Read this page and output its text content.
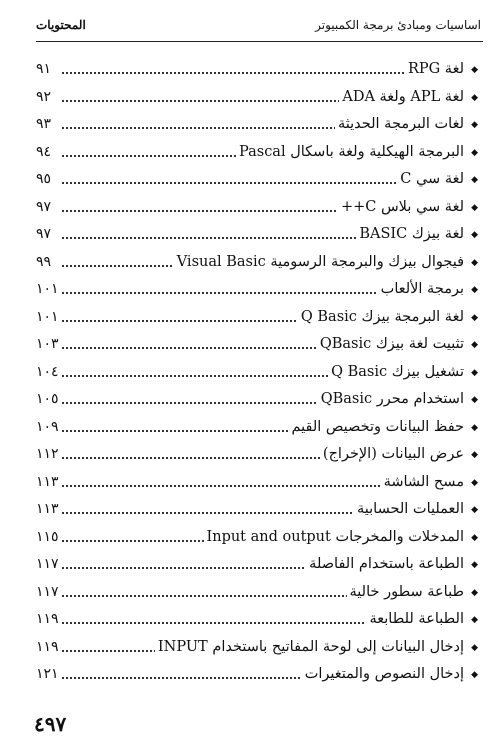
اساسيات ومبادئ برمجة الكمبيوتر
المحتويات
◆
لغة RPG
٩١
◆
لغة APL ولغة ADA
٩٢
◆
لغات البرمجة الحديثة
٩٣
◆
البرمجة الهيكلية ولغة باسكال Pascal
٩٤
◆
لغة سي C
٩٥
◆
لغة سي بلاس C++
٩٧
◆
لغة بيزك BASIC
٩٧
◆
فيجوال بيزك والبرمجة الرسومية Visual Basic
٩٩
◆
برمجة الألعاب
١٠١
◆
لغة البرمجة بيزك Q Basic
١٠١
◆
تثبيت لغة بيزك QBasic
١٠٣
◆
تشغيل بيزك Q Basic
١٠٤
◆
استخدام محرر QBasic
١٠٥
◆
حفظ البيانات وتخصيص القيم
١٠٩
◆
عرض البيانات (الإخراج)
١١٢
◆
مسح الشاشة
١١٣
◆
العمليات الحسابية
١١٣
◆
المدخلات والمخرجات Input and output
١١٥
◆
الطباعة باستخدام الفاصلة
١١٧
◆
طباعة سطور خالية
١١٧
◆
الطباعة للطابعة
١١٩
◆
إدخال البيانات إلى لوحة المفاتيح باستخدام INPUT
١١٩
◆
إدخال النصوص والمتغيرات
١٢١
٤٩٧
